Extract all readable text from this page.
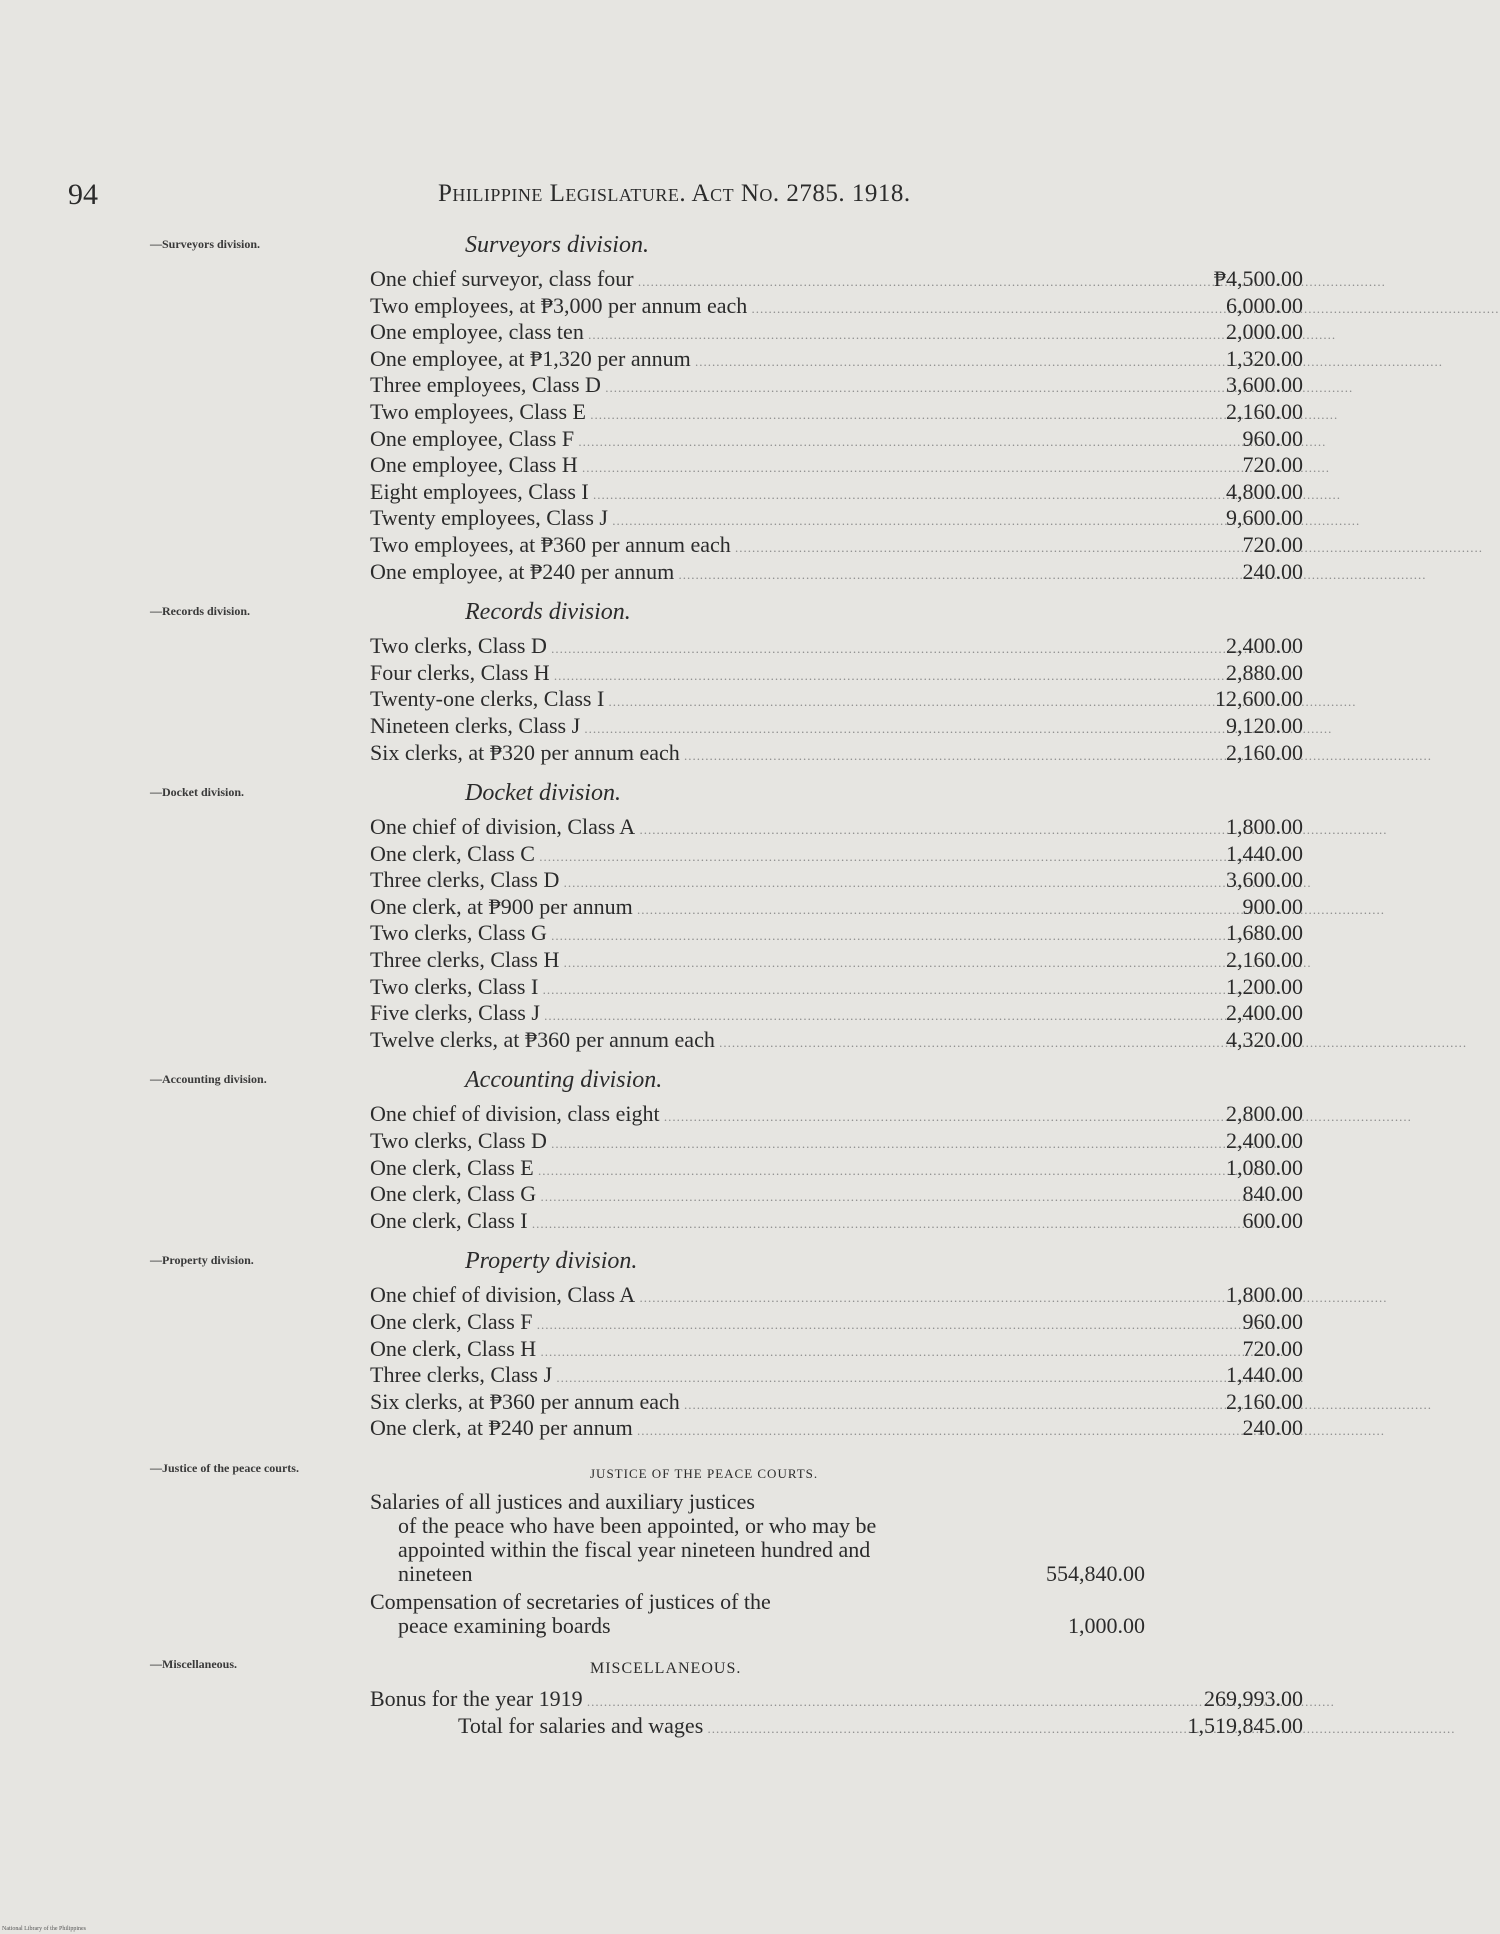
94	Philippine Legislature. Act No. 2785. 1918.
—Surveyors division.	Surveyors division.
One chief surveyor, class four .....	₱4,500.00
Two employees, at ₱3,000 per annum each .....	6,000.00
One employee, class ten .....	2,000.00
One employee, at ₱1,320 per annum .....	1,320.00
Three employees, Class D .....	3,600.00
Two employees, Class E .....	2,160.00
One employee, Class F .....	960.00
One employee, Class H .....	720.00
Eight employees, Class I .....	4,800.00
Twenty employees, Class J .....	9,600.00
Two employees, at ₱360 per annum each .....	720.00
One employee, at ₱240 per annum .....	240.00
—Records division.	Records division.
Two clerks, Class D .....	2,400.00
Four clerks, Class H .....	2,880.00
Twenty-one clerks, Class I .....	12,600.00
Nineteen clerks, Class J .....	9,120.00
Six clerks, at ₱320 per annum each .....	2,160.00
—Docket division.	Docket division.
One chief of division, Class A .....	1,800.00
One clerk, Class C .....	1,440.00
Three clerks, Class D .....	3,600.00
One clerk, at ₱900 per annum .....	900.00
Two clerks, Class G .....	1,680.00
Three clerks, Class H .....	2,160.00
Two clerks, Class I .....	1,200.00
Five clerks, Class J .....	2,400.00
Twelve clerks, at ₱360 per annum each .....	4,320.00
—Accounting division.	Accounting division.
One chief of division, class eight .....	2,800.00
Two clerks, Class D .....	2,400.00
One clerk, Class E .....	1,080.00
One clerk, Class G .....	840.00
One clerk, Class I .....	600.00
—Property division.	Property division.
One chief of division, Class A .....	1,800.00
One clerk, Class F .....	960.00
One clerk, Class H .....	720.00
Three clerks, Class J .....	1,440.00
Six clerks, at ₱360 per annum each .....	2,160.00
One clerk, at ₱240 per annum .....	240.00
—Justice of the peace courts.	JUSTICE OF THE PEACE COURTS.
Salaries of all justices and auxiliary justices
of the peace who have been appointed, or who may be appointed within the fiscal year nineteen hundred and nineteen	554,840.00
Compensation of secretaries of justices of the
peace examining boards	1,000.00
—Miscellaneous.	MISCELLANEOUS.
Bonus for the year 1919 .....	269,993.00
Total for salaries and wages .....	1,519,845.00
National Library of the Philippines
